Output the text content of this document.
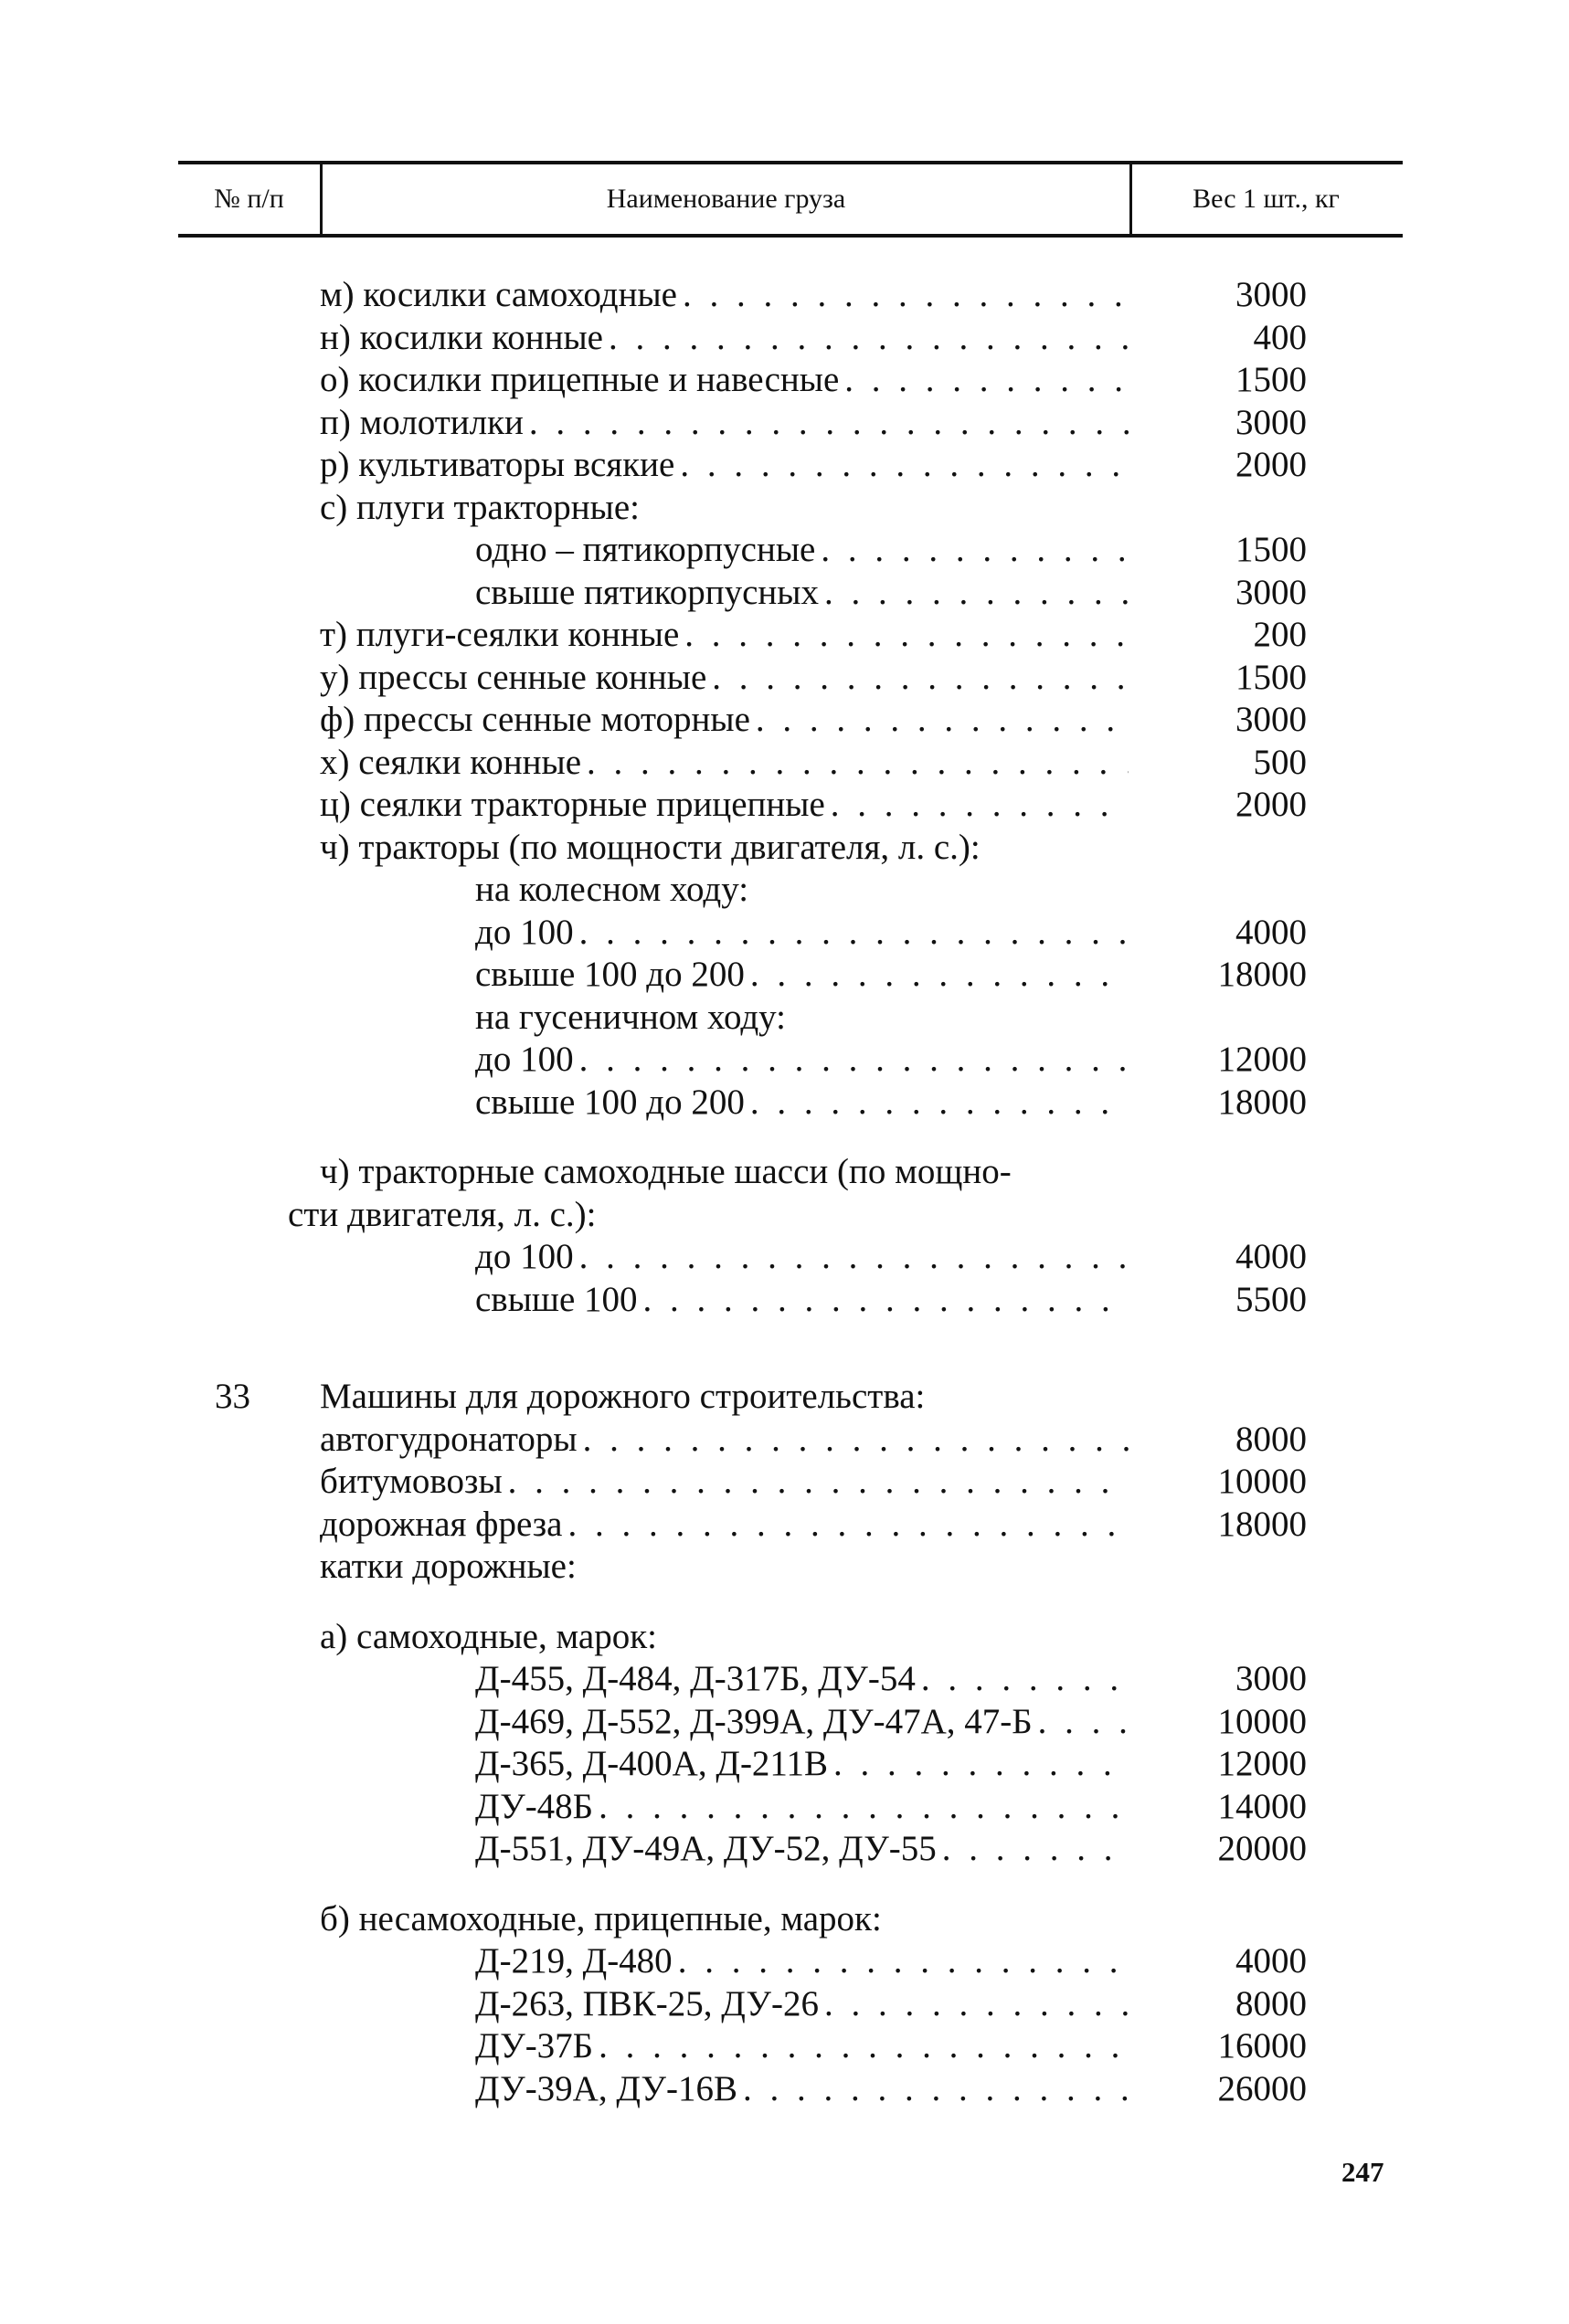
№ п/п	Наименование груза	Вес 1 шт., кг
м) косилки самоходные . . .	3000
н) косилки конные . . .	400
о) косилки прицепные и навесные . . .	1500
п) молотилки . . .	3000
р) культиваторы всякие . . .	2000
с) плуги тракторные:
одно – пятикорпусные . . .	1500
свыше пятикорпусных . . .	3000
т) плуги-сеялки конные . . .	200
у) прессы сенные конные . . .	1500
ф) прессы сенные моторные . . .	3000
х) сеялки конные . . .	500
ц) сеялки тракторные прицепные . . .	2000
ч) тракторы (по мощности двигателя, л. с.):
на колесном ходу:
до 100 . . .	4000
свыше 100 до 200 . . .	18000
на гусеничном ходу:
до 100 . . .	12000
свыше 100 до 200 . . .	18000
ч) тракторные самоходные шасси (по мощно-
сти двигателя, л. с.):
до 100 . . .	4000
свыше 100 . . .	5500
33 Машины для дорожного строительства:
автогудронаторы . . .	8000
битумовозы . . .	10000
дорожная фреза . . .	18000
катки дорожные:
а) самоходные, марок:
Д-455, Д-484, Д-317Б, ДУ-54 . . .	3000
Д-469, Д-552, Д-399А, ДУ-47А, 47-Б . . .	10000
Д-365, Д-400А, Д-211В . . .	12000
ДУ-48Б . . .	14000
Д-551, ДУ-49А, ДУ-52, ДУ-55 . . .	20000
б) несамоходные, прицепные, марок:
Д-219, Д-480 . . .	4000
Д-263, ПВК-25, ДУ-26 . . .	8000
ДУ-37Б . . .	16000
ДУ-39А, ДУ-16В . . .	26000
247
